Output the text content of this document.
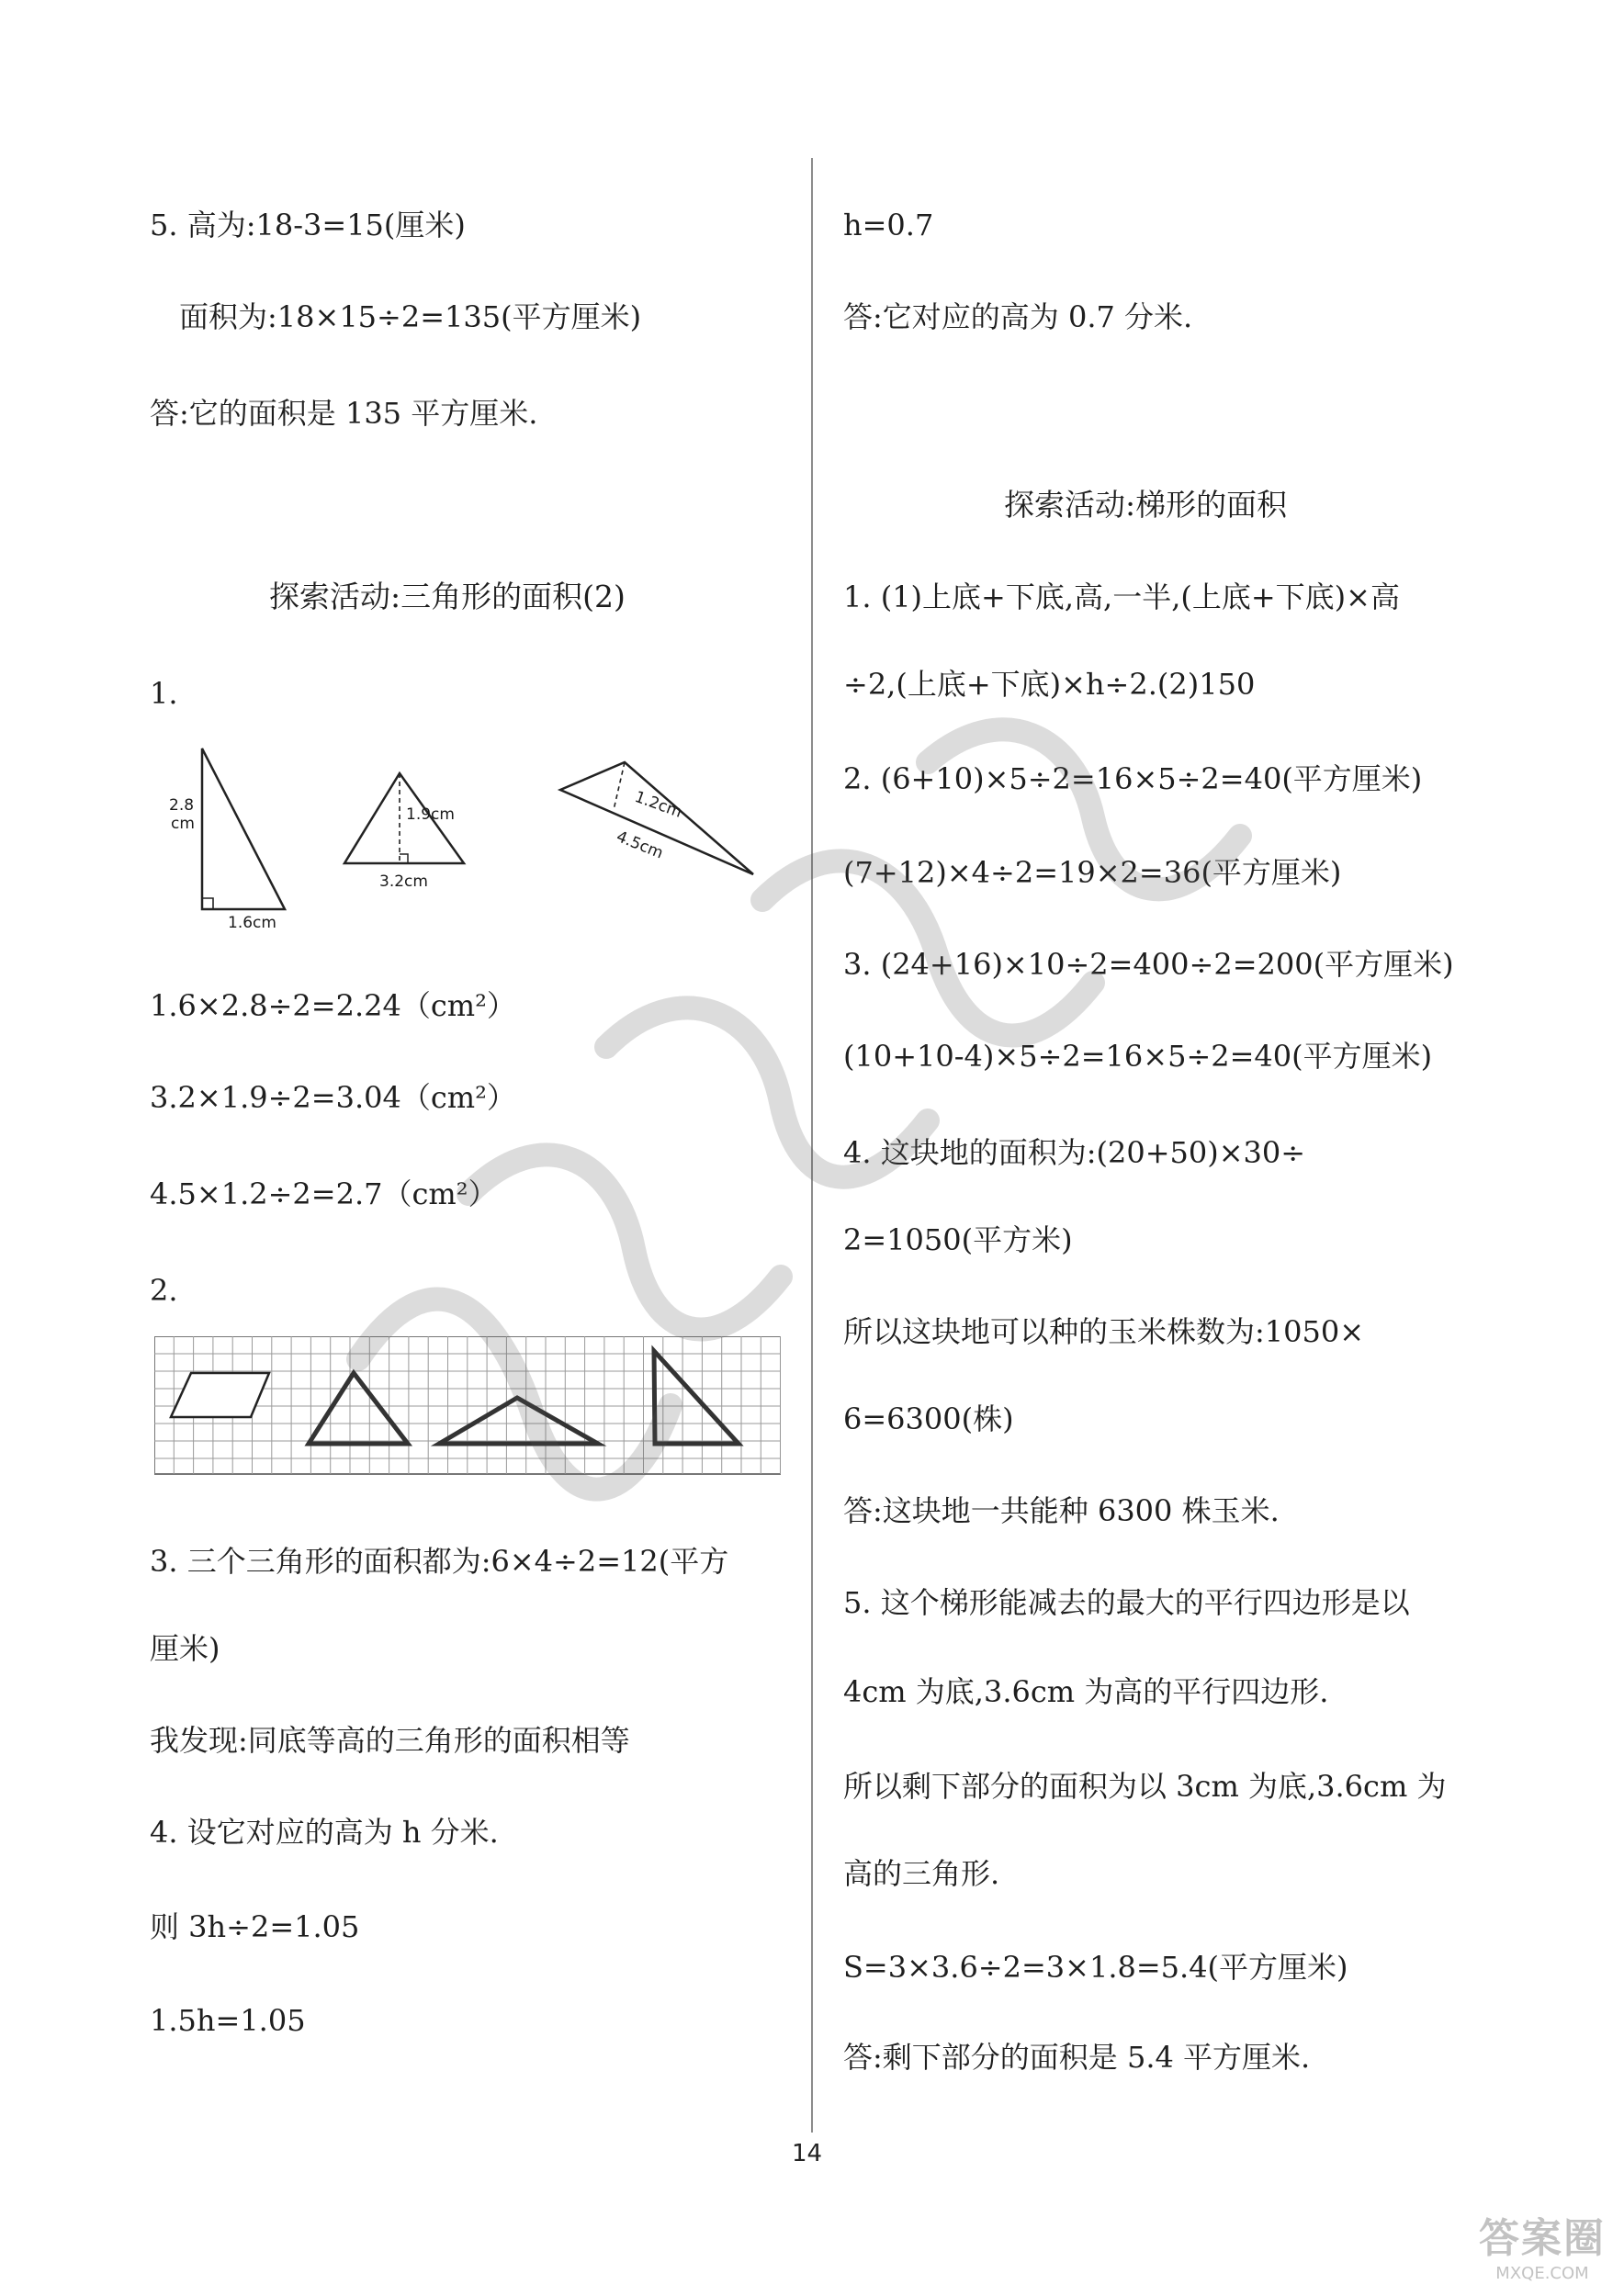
5. 高为:18-3=15(厘米)
面积为:18×15÷2=135(平方厘米)
答:它的面积是 135 平方厘米.
探索活动:三角形的面积(2)
1.
2.8
cm
1.6cm
1.9cm
3.2cm
1.2cm
4.5cm
1.6×2.8÷2=2.24（cm²）
3.2×1.9÷2=3.04（cm²）
4.5×1.2÷2=2.7（cm²）
2.
3. 三个三角形的面积都为:6×4÷2=12(平方
厘米)
我发现:同底等高的三角形的面积相等
4. 设它对应的高为 h 分米.
则 3h÷2=1.05
1.5h=1.05
h=0.7
答:它对应的高为 0.7 分米.
探索活动:梯形的面积
1. (1)上底+下底,高,一半,(上底+下底)×高
÷2,(上底+下底)×h÷2.(2)150
2. (6+10)×5÷2=16×5÷2=40(平方厘米)
(7+12)×4÷2=19×2=36(平方厘米)
3. (24+16)×10÷2=400÷2=200(平方厘米)
(10+10-4)×5÷2=16×5÷2=40(平方厘米)
4. 这块地的面积为:(20+50)×30÷
2=1050(平方米)
所以这块地可以种的玉米株数为:1050×
6=6300(株)
答:这块地一共能种 6300 株玉米.
5. 这个梯形能减去的最大的平行四边形是以
4cm 为底,3.6cm 为高的平行四边形.
所以剩下部分的面积为以 3cm 为底,3.6cm 为
高的三角形.
S=3×3.6÷2=3×1.8=5.4(平方厘米)
答:剩下部分的面积是 5.4 平方厘米.
14
答案圈
MXQE.COM
